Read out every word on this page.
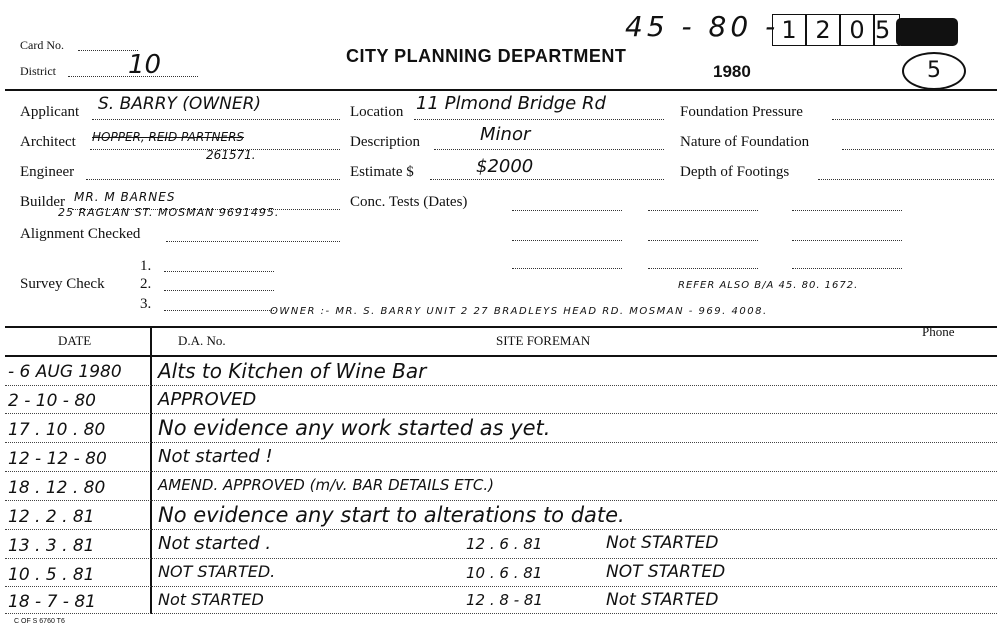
Card No.
District	10	CITY PLANNING DEPARTMENT
1980
45 - 80 - 1 2 0 5
5
Applicant S. BARRY (OWNER)
Architect HOPPER, REID PARTNERS
261571.
Engineer
Builder MR. M BARNES
25 RAGLAN ST. MOSMAN 9691495.
Alignment Checked
Survey Check
1.
2.
3.
Location 11 Plmond Bridge Rd
Description	Minor
Estimate $	$2000
Conc. Tests (Dates)
Foundation Pressure
Nature of Foundation
Depth of Footings
REFER ALSO B/A 45. 80. 1672.
OWNER :- MR. S. BARRY UNIT 2 27 BRADLEYS HEAD RD. MOSMAN - 969. 4008.
DATE	D.A. No.	SITE FOREMAN
Phone
- 6 AUG 1980	Alts to Kitchen of Wine Bar
2 - 10 - 80	APPROVED
17 . 10 . 80	No evidence any work started as yet.
12 - 12 - 80	Not started !
18 . 12 . 80	AMEND. APPROVED (m/v. BAR DETAILS ETC.)
12 . 2 . 81	No evidence any start to alterations to date.
13 . 3 . 81	Not started .	12 . 6 . 81	Not STARTED
10 . 5 . 81	NOT STARTED.	10 . 6 . 81	NOT STARTED
18 - 7 - 81	Not STARTED	12 . 8 - 81	Not STARTED
C OF S 6760 T6
